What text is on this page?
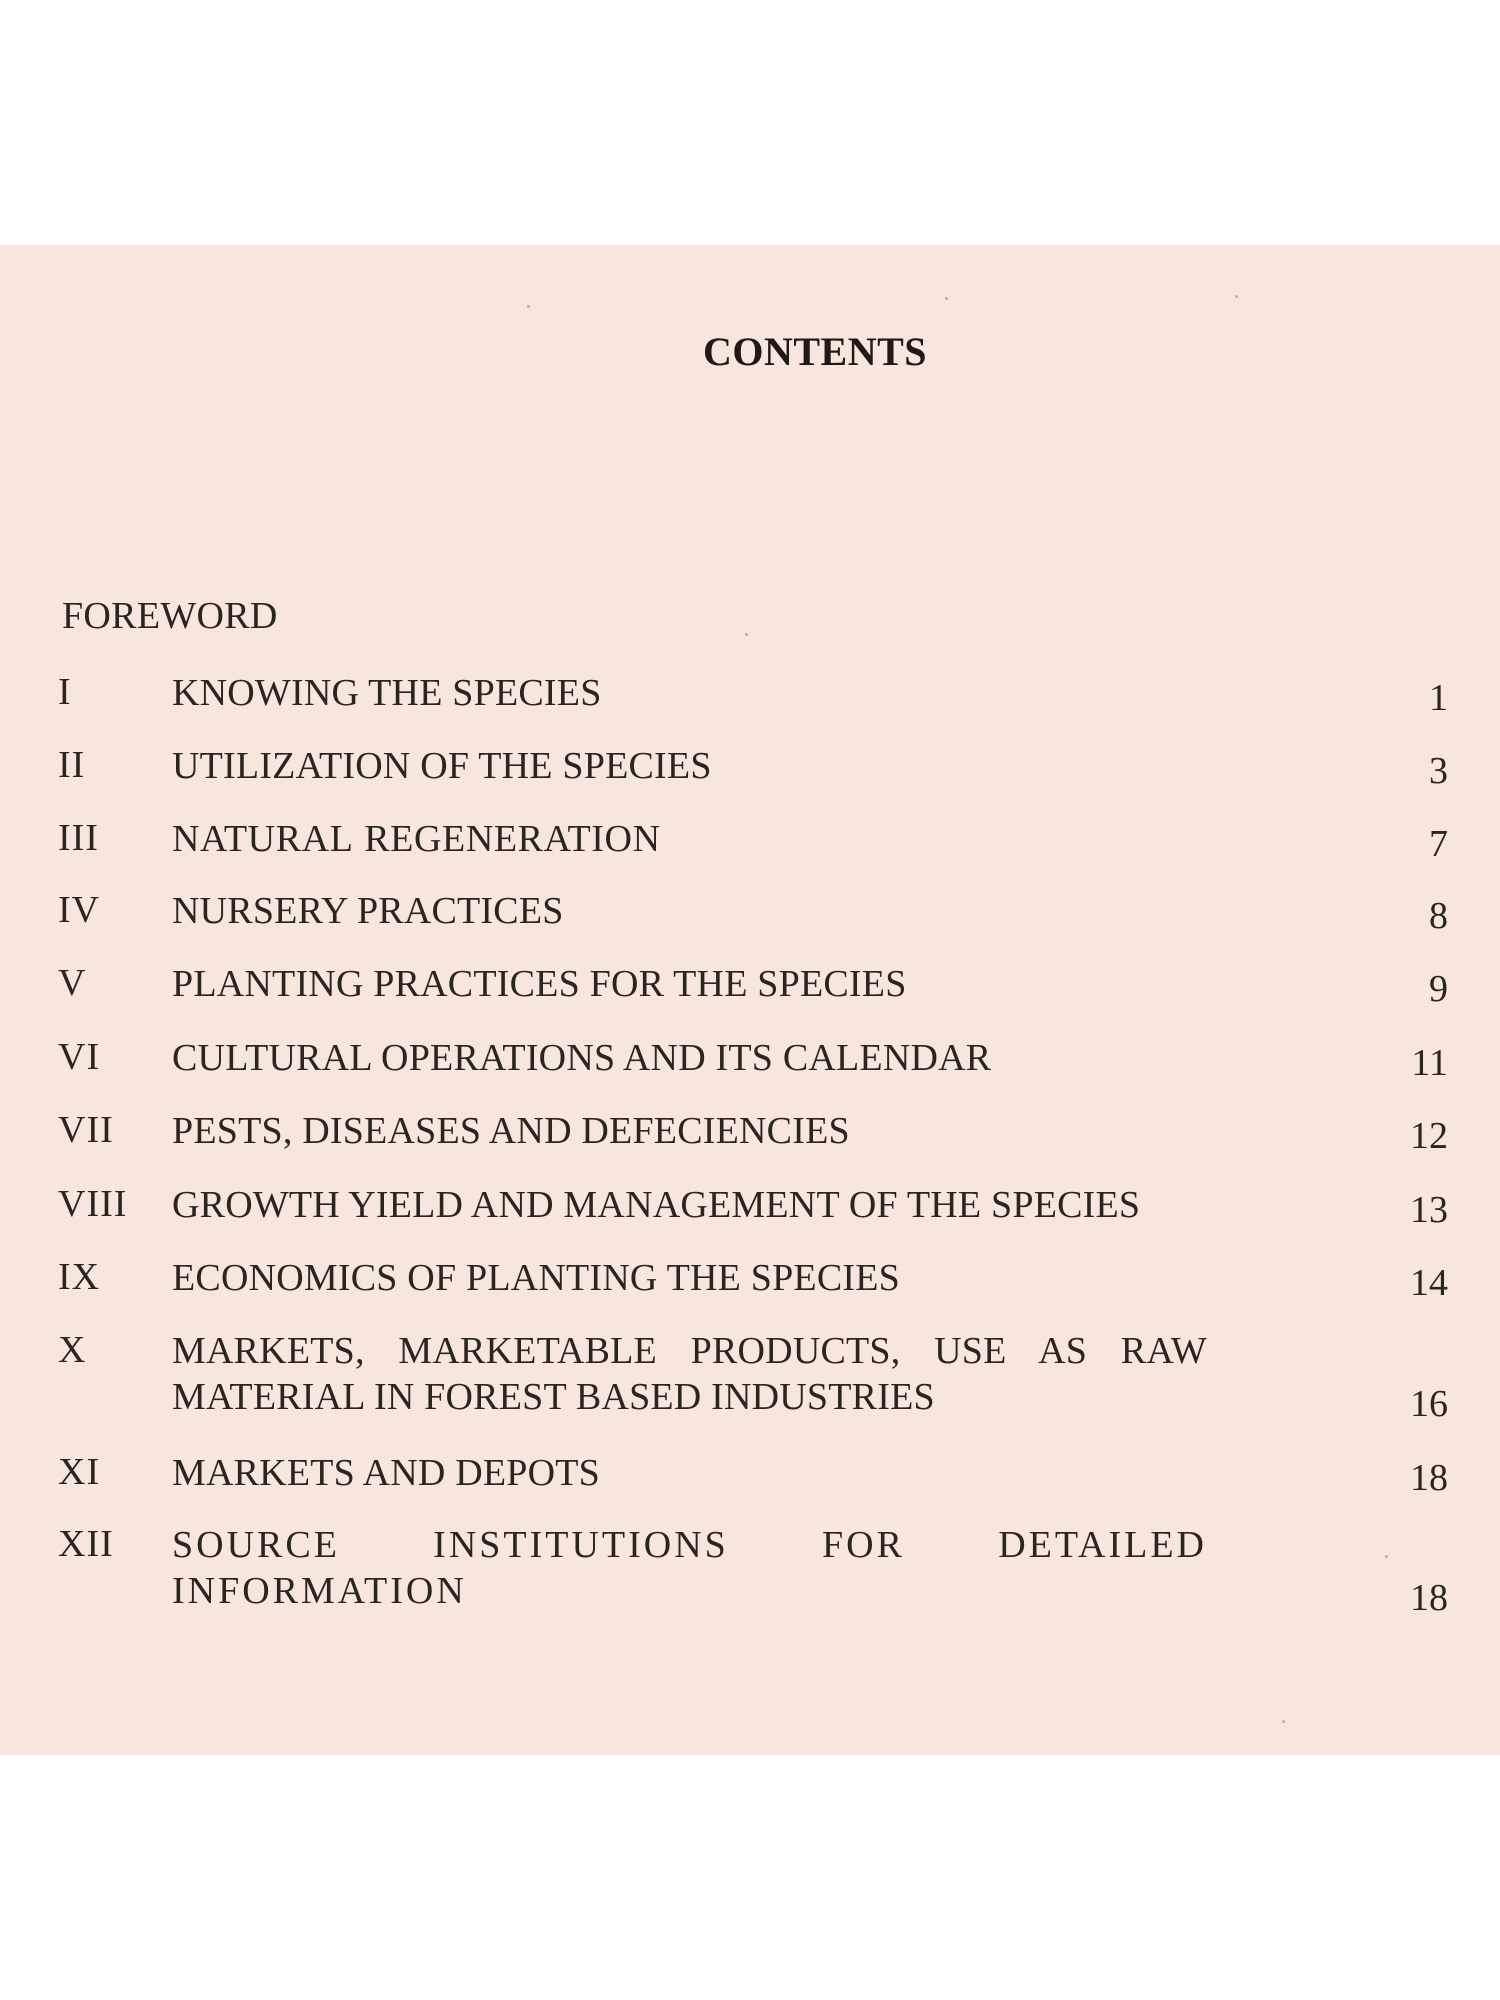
CONTENTS
FOREWORD
I	KNOWING THE SPECIES	1
II UTILIZATION OF THE SPECIES	3
III NATURAL REGENERATION	7
IV NURSERY PRACTICES	8
V PLANTING PRACTICES FOR THE SPECIES	9
VI CULTURAL OPERATIONS AND ITS CALENDAR	11
VII PESTS, DISEASES AND DEFECIENCIES	12
VIII GROWTH YIELD AND MANAGEMENT OF THE SPECIES	13
IX ECONOMICS OF PLANTING THE SPECIES	14
X MARKETS, MARKETABLE PRODUCTS, USE AS RAW MATERIAL IN FOREST BASED INDUSTRIES	16
XI MARKETS AND DEPOTS	18
XII SOURCE INSTITUTIONS FOR DETAILED INFORMATION	18
